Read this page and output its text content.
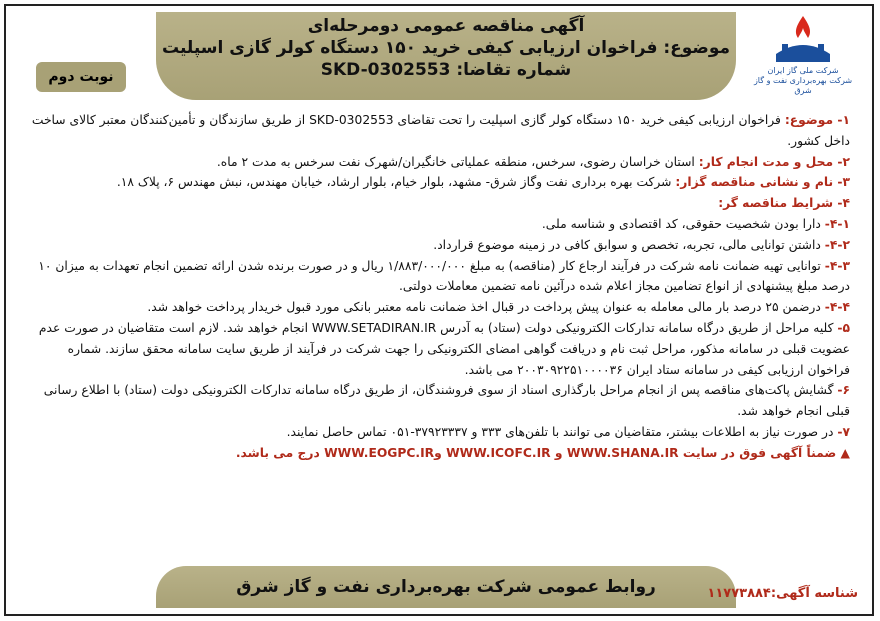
آگهی مناقصه عمومی دومرحله‌ای
موضوع: فراخوان ارزیابی کیفی خرید ۱۵۰ دستگاه کولر گازی اسپلیت
شماره تقاضا: SKD-0302553
نوبت دوم	شرکت ملی گاز ایران
شرکت بهره‌برداری نفت و گاز شرق

۱- موضوع: فراخوان ارزیابی کیفی خرید ۱۵۰ دستگاه کولر گازی اسپلیت را تحت تقاضای SKD-0302553 از طریق سازندگان و تأمین‌کنندگان معتبر کالای ساخت داخل کشور.

۲- محل و مدت انجام کار: استان خراسان رضوی، سرخس، منطقه عملیاتی خانگیران/شهرک نفت سرخس به مدت ۲ ماه.

۳- نام و نشانی مناقصه گزار: شرکت بهره برداری نفت وگاز شرق- مشهد، بلوار خیام، بلوار ارشاد، خیابان مهندس، نبش مهندس ۶، پلاک ۱۸.

۴- شرایط مناقصه گر:

۴-۱- دارا بودن شخصیت حقوقی، کد اقتصادی و شناسه ملی.

۴-۲- داشتن توانایی مالی، تجربه، تخصص و سوابق کافی در زمینه موضوع قرارداد.

۴-۳- توانایی تهیه ضمانت نامه شرکت در فرآیند ارجاع کار (مناقصه) به مبلغ ۱/۸۸۳/۰۰۰/۰۰۰ ریال و در صورت برنده شدن ارائه تضمین انجام تعهدات به میزان ۱۰ درصد مبلغ پیشنهادی از انواع تضامین مجاز اعلام شده درآئین نامه تضمین معاملات دولتی.

۴-۴- درضمن ۲۵ درصد بار مالی معامله به عنوان پیش پرداخت در قبال اخذ ضمانت نامه معتبر بانکی مورد قبول خریدار پرداخت خواهد شد.

۵- کلیه مراحل از طریق درگاه سامانه تدارکات الکترونیکی دولت (ستاد) به آدرس WWW.SETADIRAN.IR انجام خواهد شد. لازم است متقاضیان در صورت عدم عضویت قبلی در سامانه مذکور، مراحل ثبت نام و دریافت گواهی امضای الکترونیکی را جهت شرکت در فرآیند از طریق سایت سامانه محقق سازند. شماره فراخوان ارزیابی کیفی در سامانه ستاد ایران ۲۰۰۳۰۹۲۲۵۱۰۰۰۰۳۶ می باشد.

۶- گشایش پاکت‌های مناقصه پس از انجام مراحل بارگذاری اسناد از سوی فروشندگان، از طریق درگاه سامانه تدارکات الکترونیکی دولت (ستاد) با اطلاع رسانی قبلی انجام خواهد شد.

۷- در صورت نیاز به اطلاعات بیشتر، متقاضیان می توانند با تلفن‌های ۳۳۳ و ۳۷۹۲۳۳۳۷-۰۵۱ تماس حاصل نمایند.

▲ ضمناً آگهی فوق در سایت WWW.SHANA.IR و WWW.ICOFC.IR وWWW.EOGPC.IR درج می باشد.

روابط عمومی شرکت بهره‌برداری نفت و گاز شرق	شناسه آگهی:۱۱۷۷۳۸۸۴
